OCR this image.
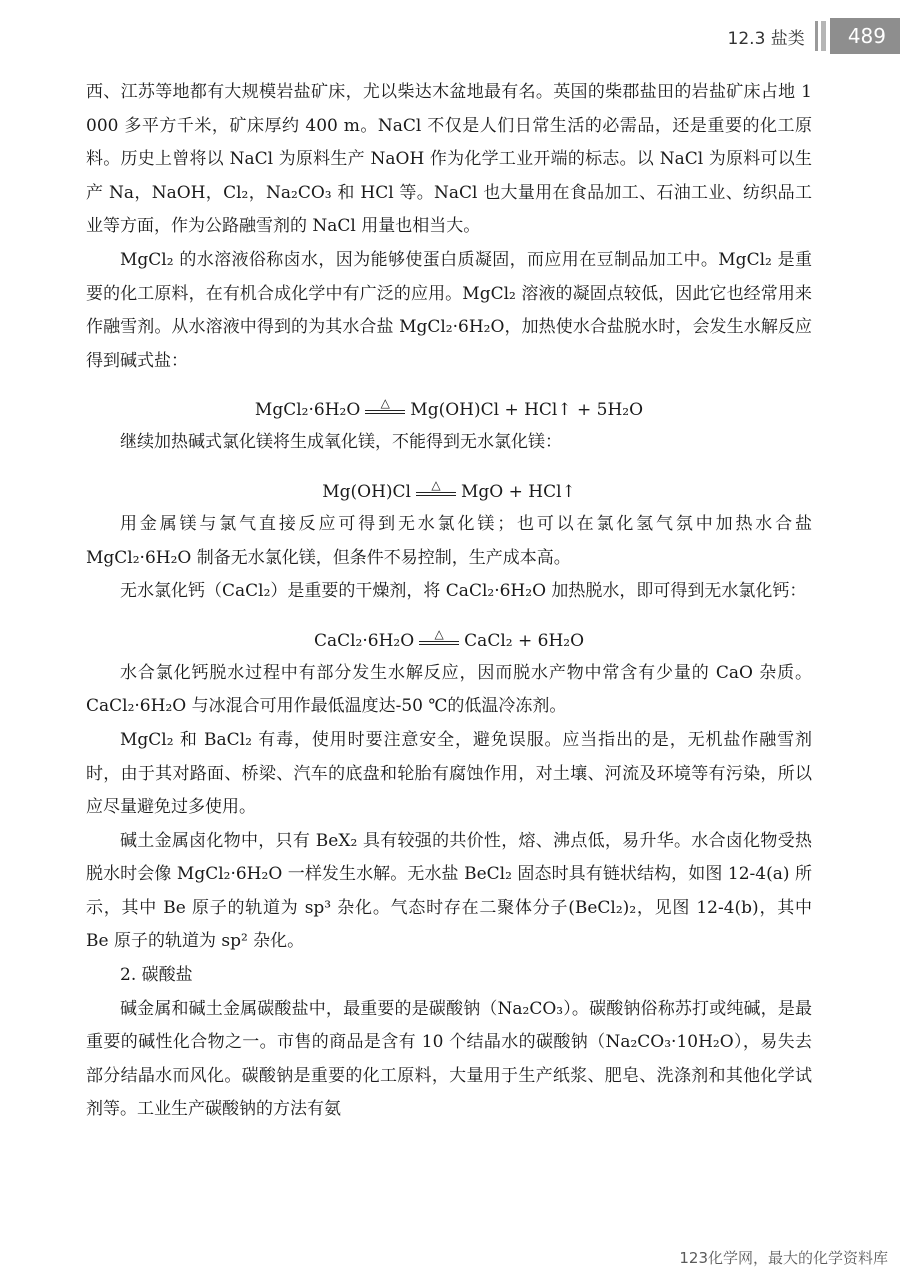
12.3 盐类	489

西、江苏等地都有大规模岩盐矿床，尤以柴达木盆地最有名。英国的柴郡盐田的岩盐矿床占地 1 000 多平方千米，矿床厚约 400 m。NaCl 不仅是人们日常生活的必需品，还是重要的化工原料。历史上曾将以 NaCl 为原料生产 NaOH 作为化学工业开端的标志。以 NaCl 为原料可以生产 Na，NaOH，Cl₂，Na₂CO₃ 和 HCl 等。NaCl 也大量用在食品加工、石油工业、纺织品工业等方面，作为公路融雪剂的 NaCl 用量也相当大。

MgCl₂ 的水溶液俗称卤水，因为能够使蛋白质凝固，而应用在豆制品加工中。MgCl₂ 是重要的化工原料，在有机合成化学中有广泛的应用。MgCl₂ 溶液的凝固点较低，因此它也经常用来作融雪剂。从水溶液中得到的为其水合盐 MgCl₂·6H₂O，加热使水合盐脱水时，会发生水解反应得到碱式盐：

MgCl₂·6H₂O △ Mg(OH)Cl + HCl↑ + 5H₂O

继续加热碱式氯化镁将生成氧化镁，不能得到无水氯化镁：

Mg(OH)Cl △ MgO + HCl↑

用金属镁与氯气直接反应可得到无水氯化镁；也可以在氯化氢气氛中加热水合盐 MgCl₂·6H₂O 制备无水氯化镁，但条件不易控制，生产成本高。

无水氯化钙（CaCl₂）是重要的干燥剂，将 CaCl₂·6H₂O 加热脱水，即可得到无水氯化钙：

CaCl₂·6H₂O △ CaCl₂ + 6H₂O

水合氯化钙脱水过程中有部分发生水解反应，因而脱水产物中常含有少量的 CaO 杂质。CaCl₂·6H₂O 与冰混合可用作最低温度达-50 ℃的低温冷冻剂。

MgCl₂ 和 BaCl₂ 有毒，使用时要注意安全，避免误服。应当指出的是，无机盐作融雪剂时，由于其对路面、桥梁、汽车的底盘和轮胎有腐蚀作用，对土壤、河流及环境等有污染，所以应尽量避免过多使用。

碱土金属卤化物中，只有 BeX₂ 具有较强的共价性，熔、沸点低，易升华。水合卤化物受热脱水时会像 MgCl₂·6H₂O 一样发生水解。无水盐 BeCl₂ 固态时具有链状结构，如图 12-4(a) 所示，其中 Be 原子的轨道为 sp³ 杂化。气态时存在二聚体分子(BeCl₂)₂，见图 12-4(b)，其中 Be 原子的轨道为 sp² 杂化。

2. 碳酸盐

碱金属和碱土金属碳酸盐中，最重要的是碳酸钠（Na₂CO₃）。碳酸钠俗称苏打或纯碱，是最重要的碱性化合物之一。市售的商品是含有 10 个结晶水的碳酸钠（Na₂CO₃·10H₂O），易失去部分结晶水而风化。碳酸钠是重要的化工原料，大量用于生产纸浆、肥皂、洗涤剂和其他化学试剂等。工业生产碳酸钠的方法有氨

123化学网，最大的化学资料库
